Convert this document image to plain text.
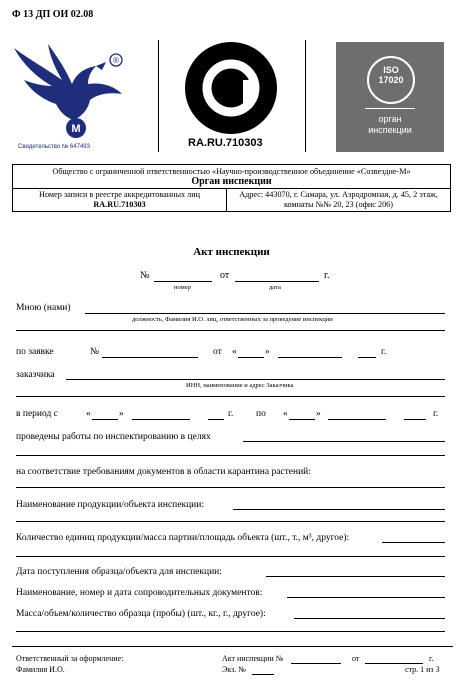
Ф 13 ДП ОИ 02.08
М
®
Свидетельство № 647493	RA.RU.710303
ISO
17020
орган
инспекции
Общество с ограниченной ответственностью «Научно-производственное объединение «Созвездие-М»
Орган инспекции

Номер записи в реестре аккредитованных лиц
RA.RU.710303
	Адрес: 443070, г. Самара, ул. Аэродромная, д. 45, 2 этаж, комнаты №№ 20, 23 (офис 206)
Акт инспекции
№
номер
от
дата
г.
Мною (нами)
должность, Фамилия И.О. лиц, ответственных за проведение инспекции
по заявке	№	от «	»	г.
заказчика
ИНН, наименование и адрес Заказчика
в период с	«	»	г. по «	»	г.
проведены работы по инспектированию в целях
на соответствие требованиям документов в области карантина растений:
Наименование продукции/объекта инспекции:
Количество единиц продукции/масса партии/площадь объекта (шт., т., м³, другое):
Дата поступления образца/объекта для инспекции:
Наименование, номер и дата сопроводительных документов:
Масса/объем/количество образца (пробы) (шт., кг., г., другое):
Ответственный за оформление:
Фамилия И.О.
Акт инспекции №	от	г.
Экз. №	стр. 1 из 3
